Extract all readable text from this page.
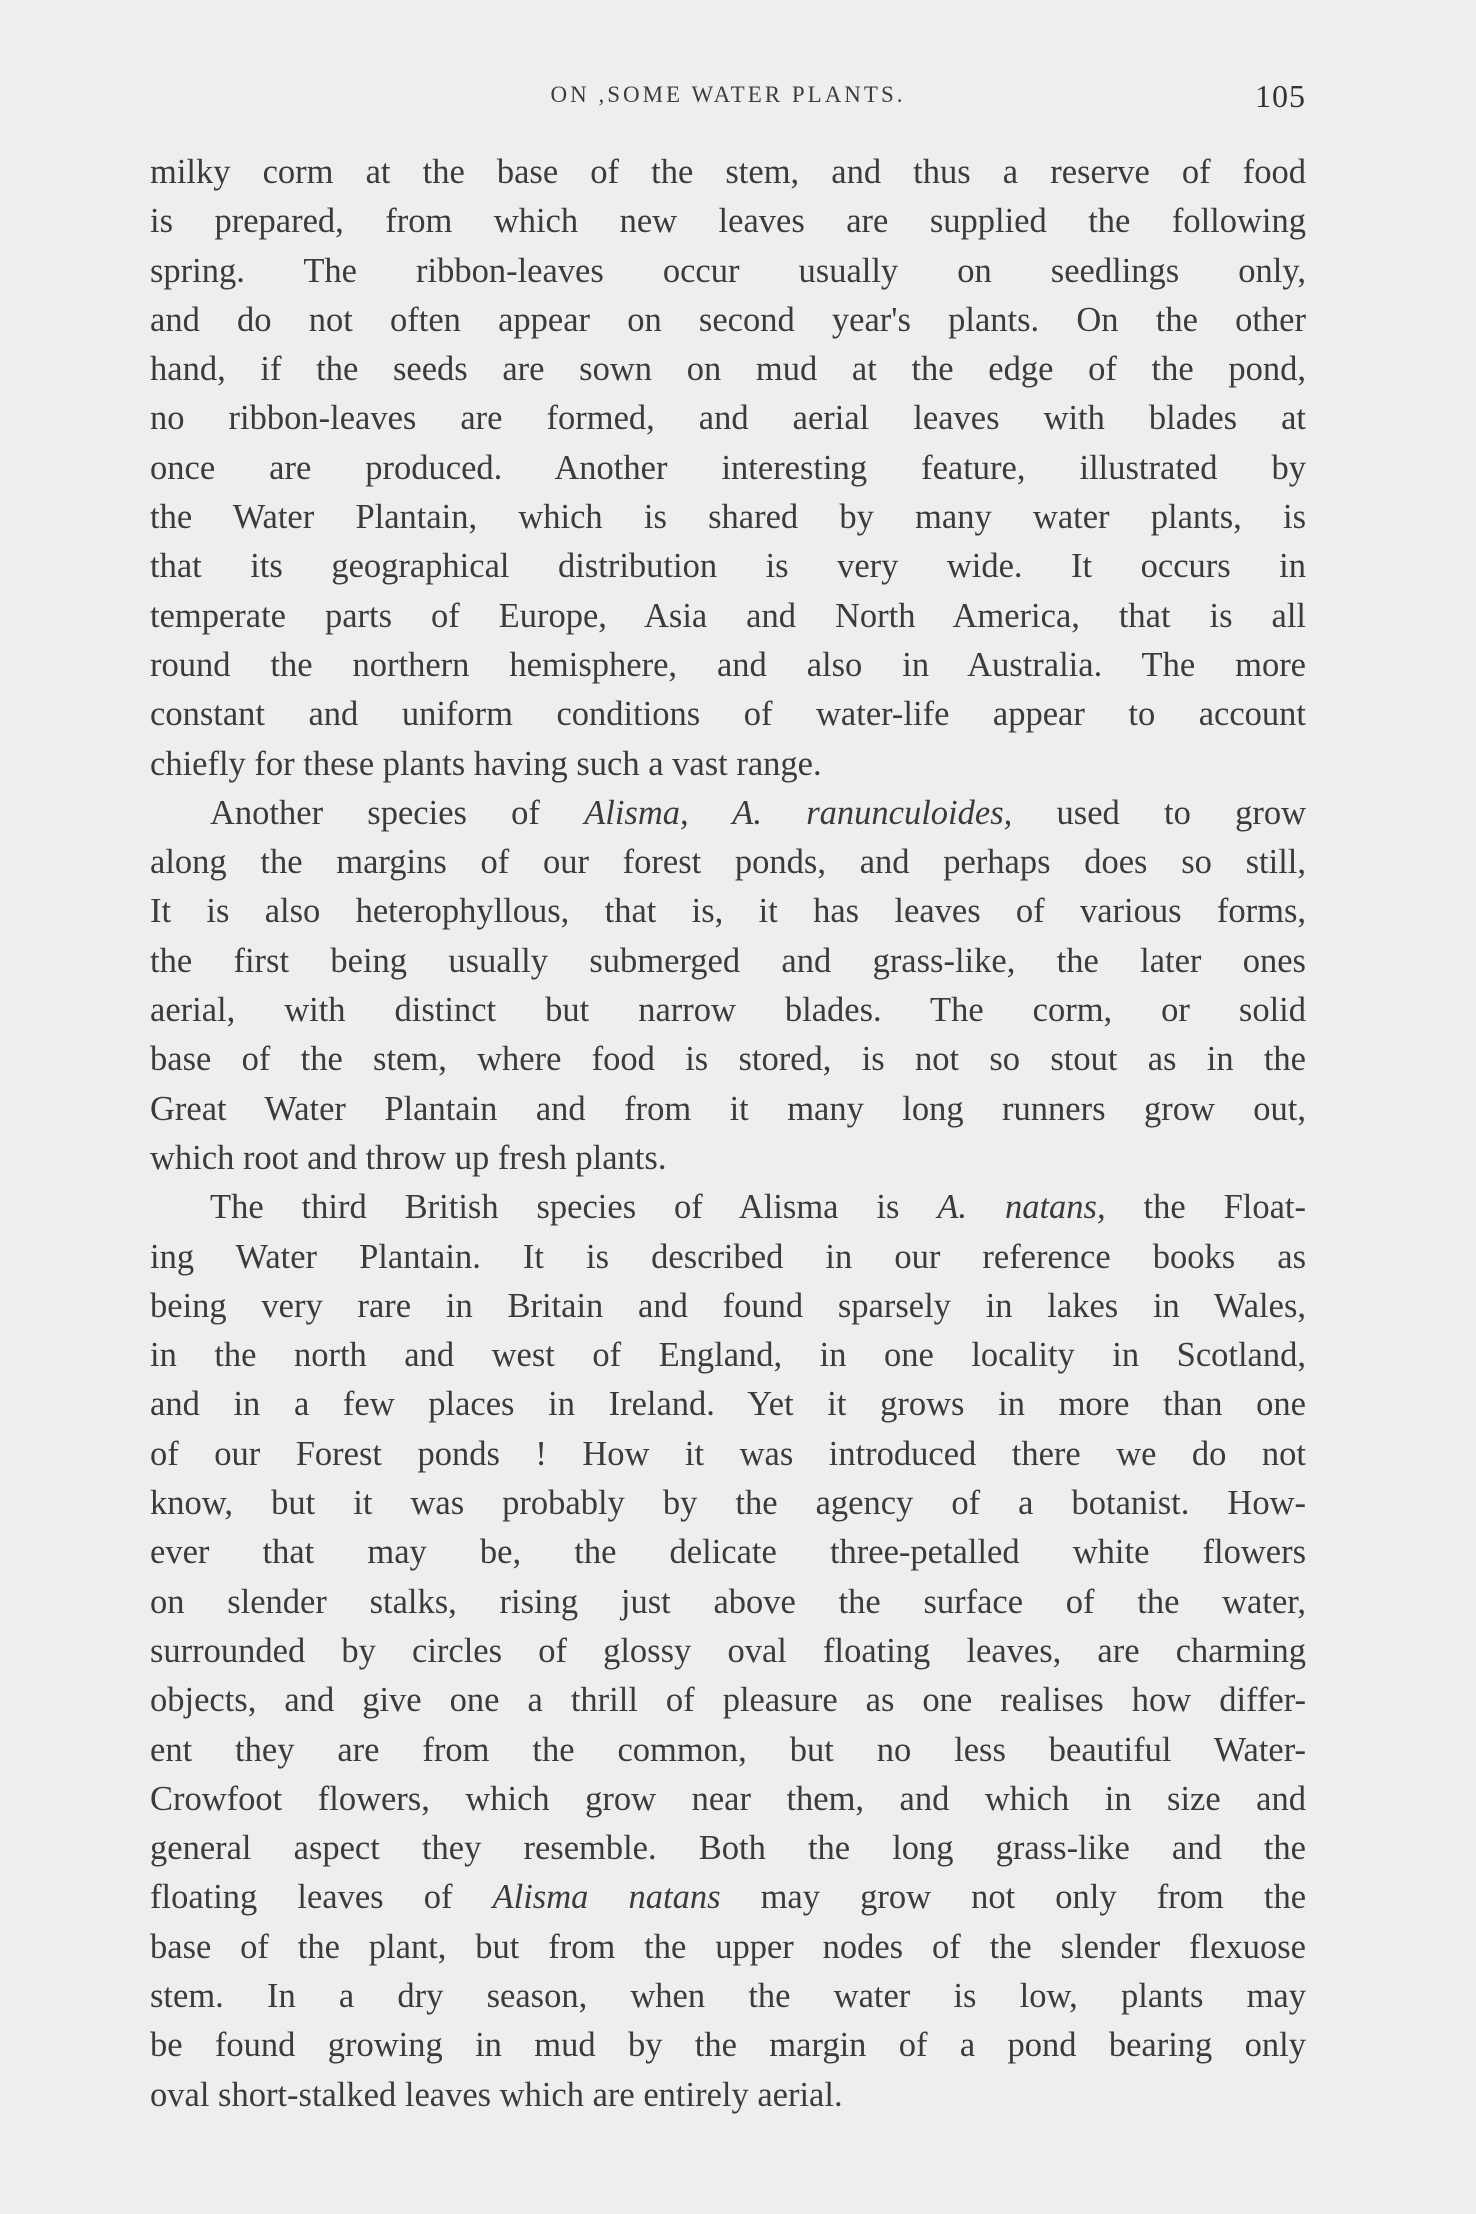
ON ,SOME WATER PLANTS.	105
milky corm at the base of the stem, and thus a reserve of food
is prepared, from which new leaves are supplied the following
spring. The ribbon-leaves occur usually on seedlings only,
and do not often appear on second year's plants. On the other
hand, if the seeds are sown on mud at the edge of the pond,
no ribbon-leaves are formed, and aerial leaves with blades at
once are produced. Another interesting feature, illustrated by
the Water Plantain, which is shared by many water plants, is
that its geographical distribution is very wide. It occurs in
temperate parts of Europe, Asia and North America, that is all
round the northern hemisphere, and also in Australia. The more
constant and uniform conditions of water-life appear to account
chiefly for these plants having such a vast range.
Another species of Alisma, A. ranunculoides, used to grow
along the margins of our forest ponds, and perhaps does so still,
It is also heterophyllous, that is, it has leaves of various forms,
the first being usually submerged and grass-like, the later ones
aerial, with distinct but narrow blades. The corm, or solid
base of the stem, where food is stored, is not so stout as in the
Great Water Plantain and from it many long runners grow out,
which root and throw up fresh plants.
The third British species of Alisma is A. natans, the Float-
ing Water Plantain. It is described in our reference books as
being very rare in Britain and found sparsely in lakes in Wales,
in the north and west of England, in one locality in Scotland,
and in a few places in Ireland. Yet it grows in more than one
of our Forest ponds ! How it was introduced there we do not
know, but it was probably by the agency of a botanist. How-
ever that may be, the delicate three-petalled white flowers
on slender stalks, rising just above the surface of the water,
surrounded by circles of glossy oval floating leaves, are charming
objects, and give one a thrill of pleasure as one realises how differ-
ent they are from the common, but no less beautiful Water-
Crowfoot flowers, which grow near them, and which in size and
general aspect they resemble. Both the long grass-like and the
floating leaves of Alisma natans may grow not only from the
base of the plant, but from the upper nodes of the slender flexuose
stem. In a dry season, when the water is low, plants may
be found growing in mud by the margin of a pond bearing only
oval short-stalked leaves which are entirely aerial.
